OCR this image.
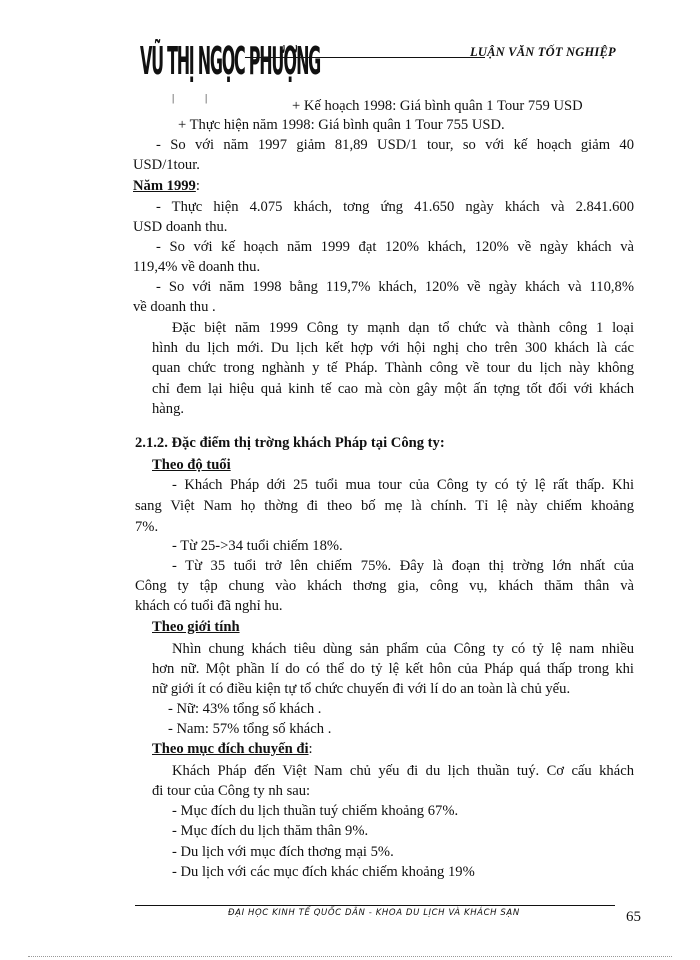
VŨ THỊ NGỌC PHƯỢNG	LUẬN VĂN TỐT NGHIỆP
| |	+ Kế hoạch 1998: Giá bình quân 1 Tour 759 USD
+ Thực hiện năm 1998: Giá bình quân 1 Tour 755 USD.
- So với năm 1997 giảm 81,89 USD/1 tour, so với kế hoạch giảm 40
USD/1tour.
Năm 1999:
- Thực hiện 4.075 khách, tơng ứng 41.650 ngày khách và 2.841.600
USD doanh thu.
- So với kế hoạch năm 1999 đạt 120% khách, 120% về ngày khách và
119,4% về doanh thu.
- So với năm 1998 bằng 119,7% khách, 120% về ngày khách và 110,8%
về doanh thu .
Đặc biệt năm 1999 Công ty mạnh dạn tổ chức và thành công 1 loại
hình du lịch mới. Du lịch kết hợp với hội nghị cho trên 300 khách là các
quan chức trong nghành y tế Pháp. Thành công về tour du lịch này không
chỉ đem lại hiệu quả kinh tế cao mà còn gây một ấn tợng tốt đối với khách
hàng.
2.1.2. Đặc điểm thị trờng khách Pháp tại Công ty:
Theo độ tuổi
- Khách Pháp dới 25 tuổi mua tour của Công ty có tỷ lệ rất thấp. Khi
sang Việt Nam họ thờng đi theo bố mẹ là chính. Tỉ lệ này chiếm khoảng
7%.
- Từ 25->34 tuổi chiếm 18%.
- Từ 35 tuổi trở lên chiếm 75%. Đây là đoạn thị trờng lớn nhất của
Công ty tập chung vào khách thơng gia, công vụ, khách thăm thân và
khách có tuổi đã nghỉ hu.
Theo giới tính
Nhìn chung khách tiêu dùng sản phẩm của Công ty có tỷ lệ nam nhiều
hơn nữ. Một phần lí do có thể do tỷ lệ kết hôn của Pháp quá thấp trong khi
nữ giới ít có điều kiện tự tổ chức chuyến đi với lí do an toàn là chủ yếu.
- Nữ: 43% tổng số khách .
- Nam: 57% tổng số khách .
Theo mục đích chuyến đi:
Khách Pháp đến Việt Nam chủ yếu đi du lịch thuần tuý. Cơ cấu khách
đi tour của Công ty nh sau:
- Mục đích du lịch thuần tuý chiếm khoảng 67%.
- Mục đích du lịch thăm thân 9%.
- Du lịch với mục đích thơng mại 5%.
- Du lịch với các mục đích khác chiếm khoảng 19%
ĐẠI HỌC KINH TẾ QUỐC DÂN - KHOA DU LỊCH VÀ KHÁCH SẠN	65
